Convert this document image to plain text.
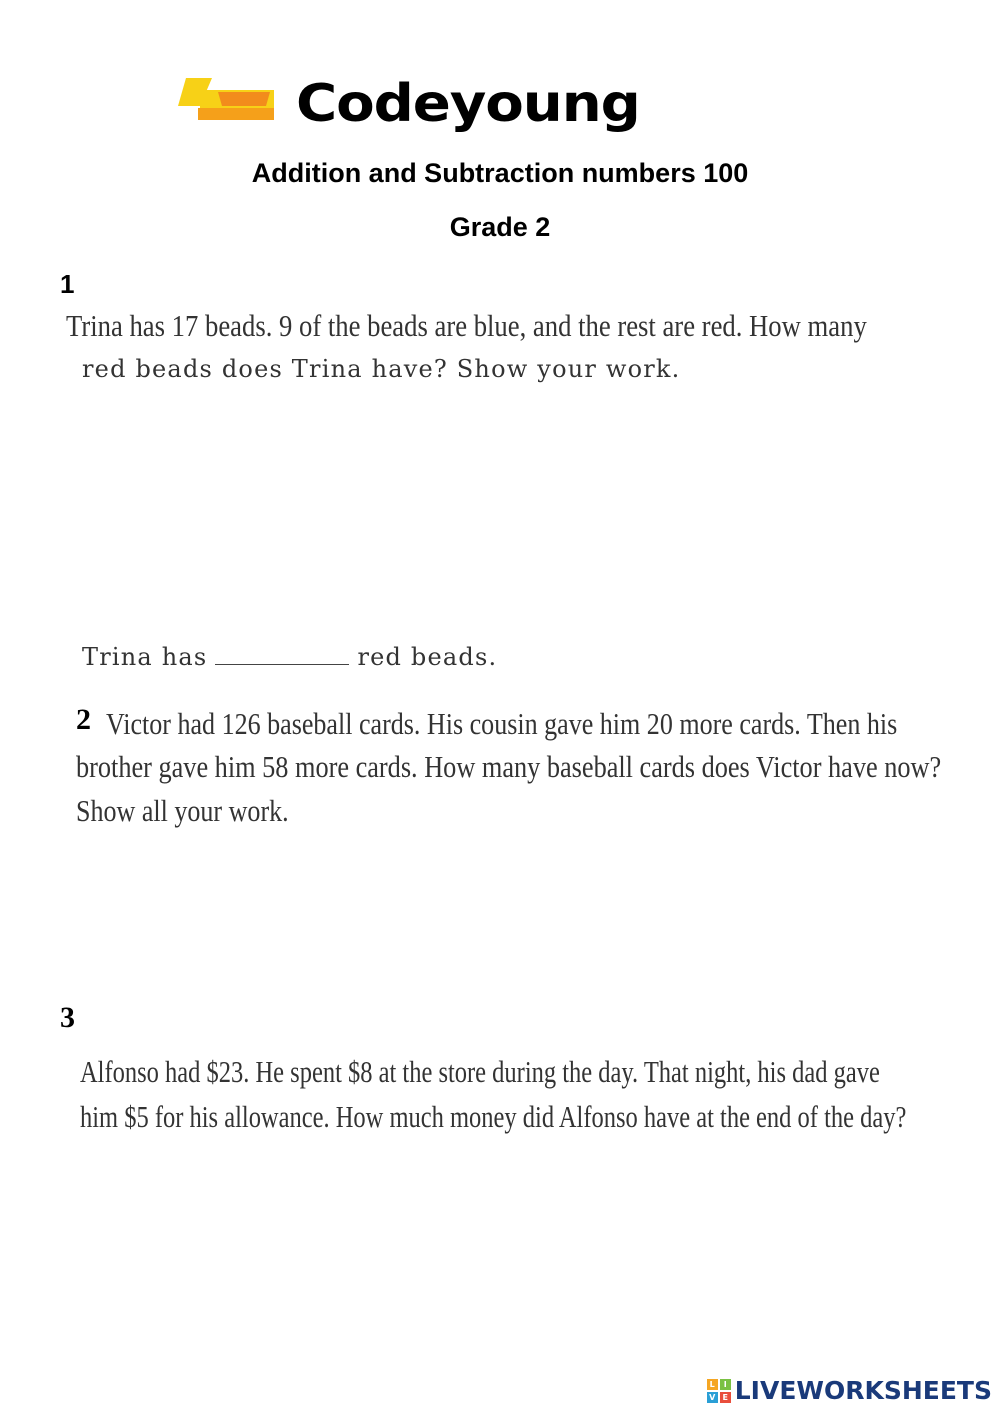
Codeyoung
Addition and Subtraction numbers 100
Grade 2
1
Trina has 17 beads. 9 of the beads are blue, and the rest are red. How many
red beads does Trina have? Show your work.
Trina has	red beads.
2 Victor had 126 baseball cards. His cousin gave him 20 more cards. Then his
brother gave him 58 more cards. How many baseball cards does Victor have now?
Show all your work.
3
Alfonso had $23. He spent $8 at the store during the day. That night, his dad gave
him $5 for his allowance. How much money did Alfonso have at the end of the day?
L	I
V E LIVEWORKSHEETS
